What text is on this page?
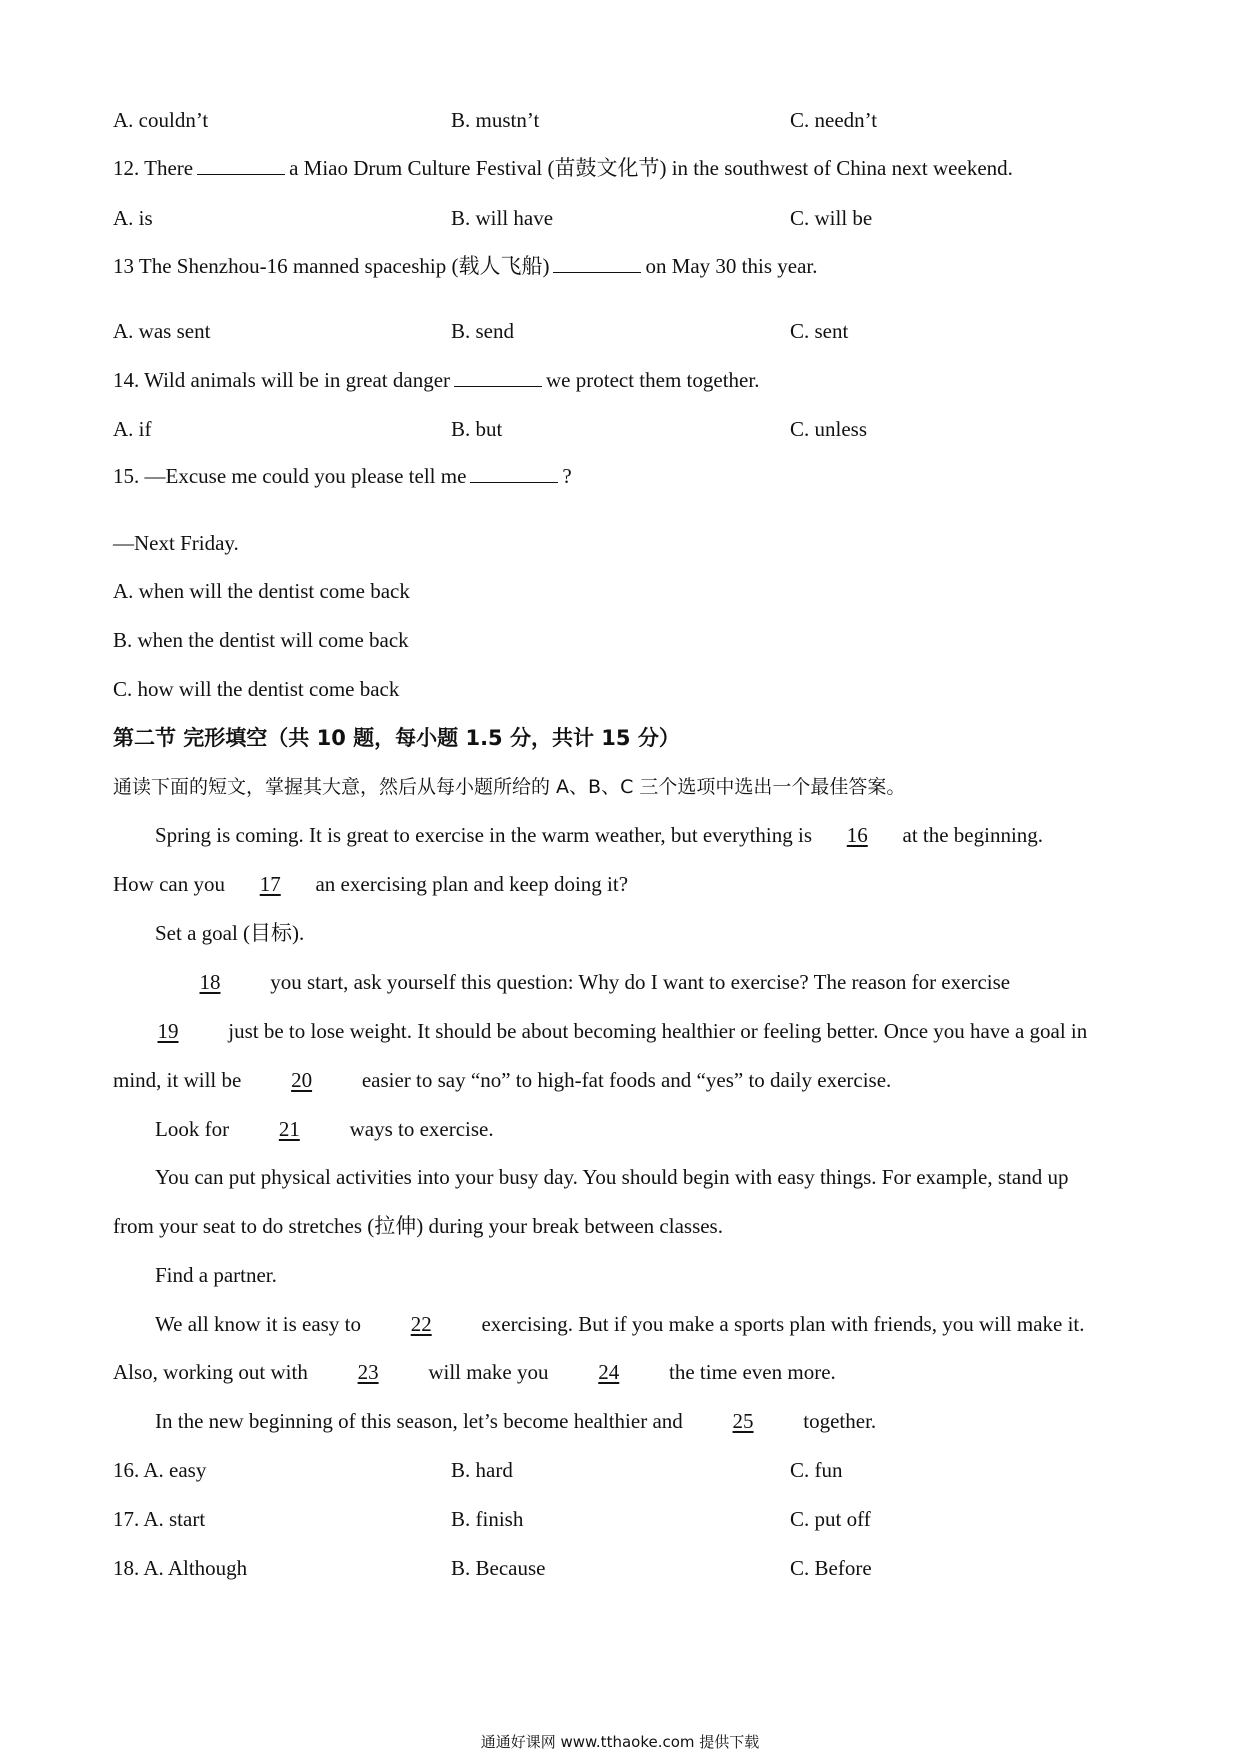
A. couldn’t	B. mustn’t	C. needn’t
12. There	a Miao Drum Culture Festival (苗鼓文化节) in the southwest of China next weekend.
A. is	B. will have	C. will be
13 The Shenzhou-16 manned spaceship (载人飞船)	on May 30 this year.
A. was sent	B. send	C. sent
14. Wild animals will be in great danger	we protect them together.
A. if	B. but	C. unless
15. —Excuse me could you please tell me	?
—Next Friday.
A. when will the dentist come back
B. when the dentist will come back
C. how will the dentist come back
第二节 完形填空（共 10 题，每小题 1.5 分，共计 15 分）
通读下面的短文，掌握其大意，然后从每小题所给的 A、B、C 三个选项中选出一个最佳答案。
Spring is coming. It is great to exercise in the warm weather, but everything is 16 at the beginning.
How can you 17 an exercising plan and keep doing it?
Set a goal (目标).
18 you start, ask yourself this question: Why do I want to exercise? The reason for exercise
19 just be to lose weight. It should be about becoming healthier or feeling better. Once you have a goal in
mind, it will be 20 easier to say “no” to high-fat foods and “yes” to daily exercise.
Look for 21 ways to exercise.
You can put physical activities into your busy day. You should begin with easy things. For example, stand up
from your seat to do stretches (拉伸) during your break between classes.
Find a partner.
We all know it is easy to 22 exercising. But if you make a sports plan with friends, you will make it.
Also, working out with 23 will make you 24 the time even more.
In the new beginning of this season, let’s become healthier and 25 together.
16. A. easy	B. hard	C. fun
17. A. start	B. finish	C. put off
18. A. Although	B. Because	C. Before
通通好课网 www.tthaoke.com 提供下载
